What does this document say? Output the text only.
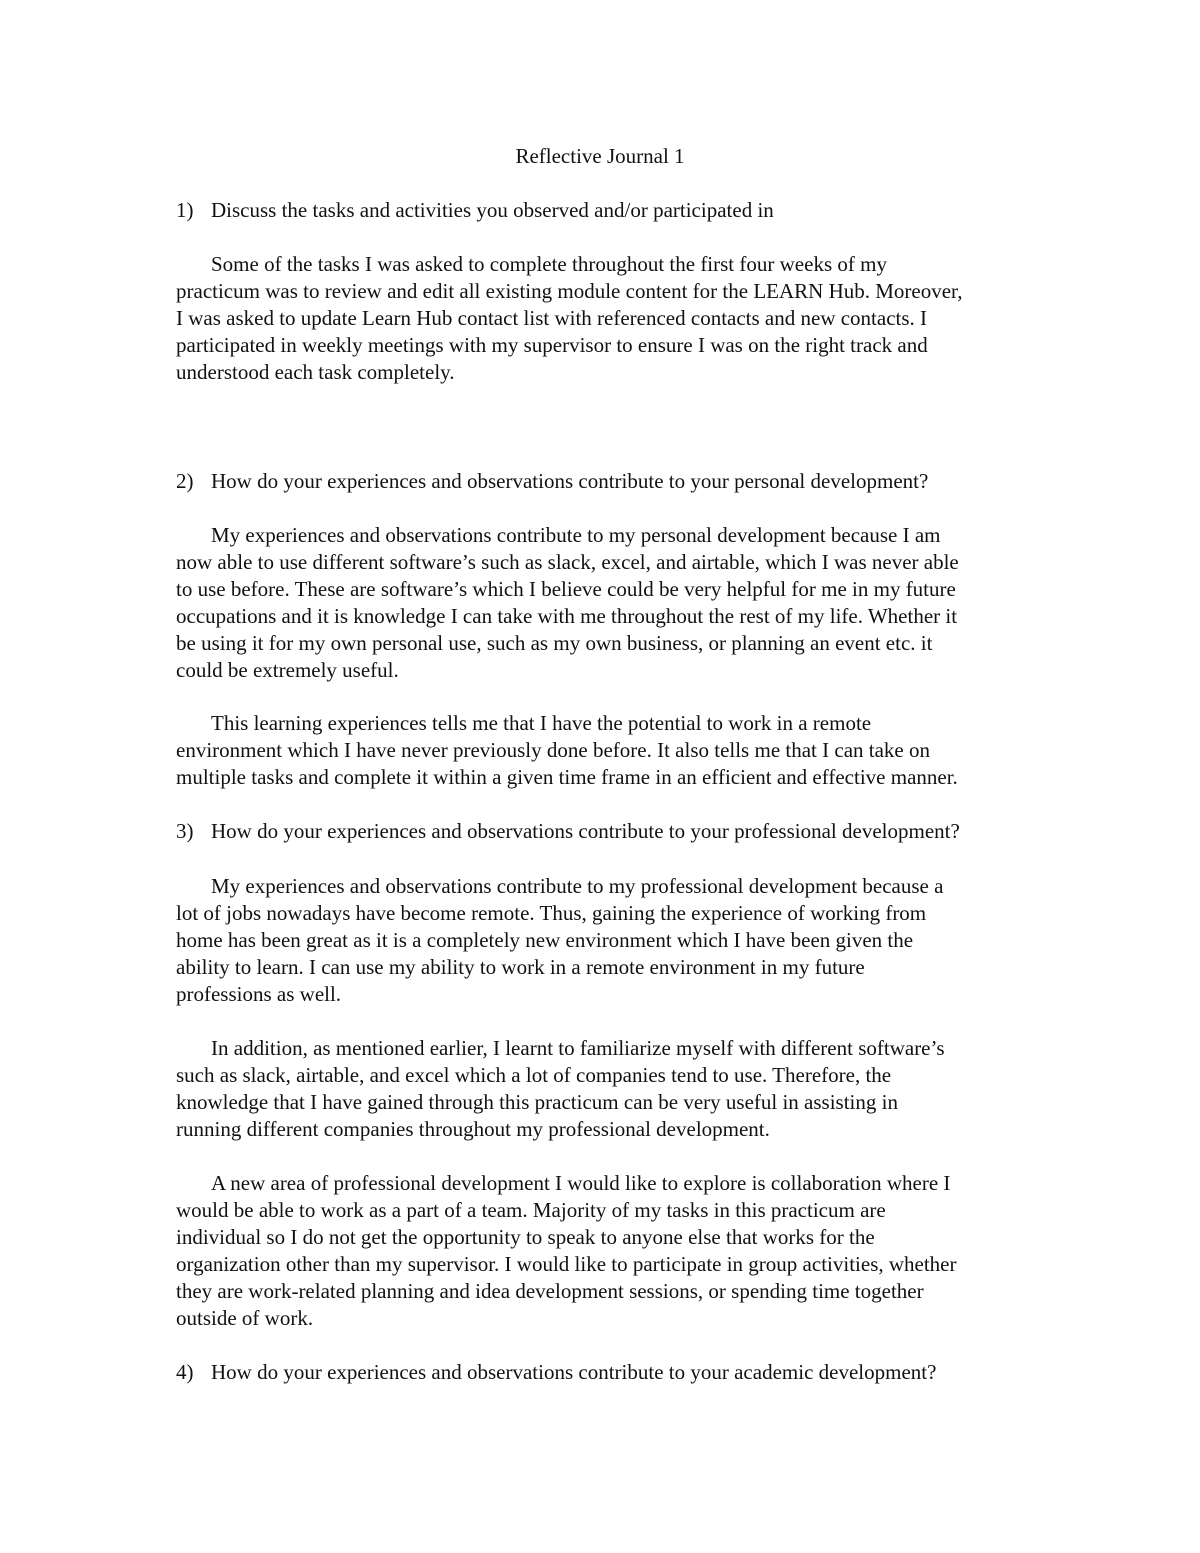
Reflective Journal 1

1) Discuss the tasks and activities you observed and/or participated in

Some of the tasks I was asked to complete throughout the first four weeks of my
practicum was to review and edit all existing module content for the LEARN Hub. Moreover,
I was asked to update Learn Hub contact list with referenced contacts and new contacts. I
participated in weekly meetings with my supervisor to ensure I was on the right track and
understood each task completely.

2) How do your experiences and observations contribute to your personal development?

My experiences and observations contribute to my personal development because I am
now able to use different software’s such as slack, excel, and airtable, which I was never able
to use before. These are software’s which I believe could be very helpful for me in my future
occupations and it is knowledge I can take with me throughout the rest of my life. Whether it
be using it for my own personal use, such as my own business, or planning an event etc. it
could be extremely useful.

This learning experiences tells me that I have the potential to work in a remote
environment which I have never previously done before. It also tells me that I can take on
multiple tasks and complete it within a given time frame in an efficient and effective manner.

3) How do your experiences and observations contribute to your professional development?

My experiences and observations contribute to my professional development because a
lot of jobs nowadays have become remote. Thus, gaining the experience of working from
home has been great as it is a completely new environment which I have been given the
ability to learn. I can use my ability to work in a remote environment in my future
professions as well.

In addition, as mentioned earlier, I learnt to familiarize myself with different software’s
such as slack, airtable, and excel which a lot of companies tend to use. Therefore, the
knowledge that I have gained through this practicum can be very useful in assisting in
running different companies throughout my professional development.

A new area of professional development I would like to explore is collaboration where I
would be able to work as a part of a team. Majority of my tasks in this practicum are
individual so I do not get the opportunity to speak to anyone else that works for the
organization other than my supervisor. I would like to participate in group activities, whether
they are work-related planning and idea development sessions, or spending time together
outside of work.

4) How do your experiences and observations contribute to your academic development?
